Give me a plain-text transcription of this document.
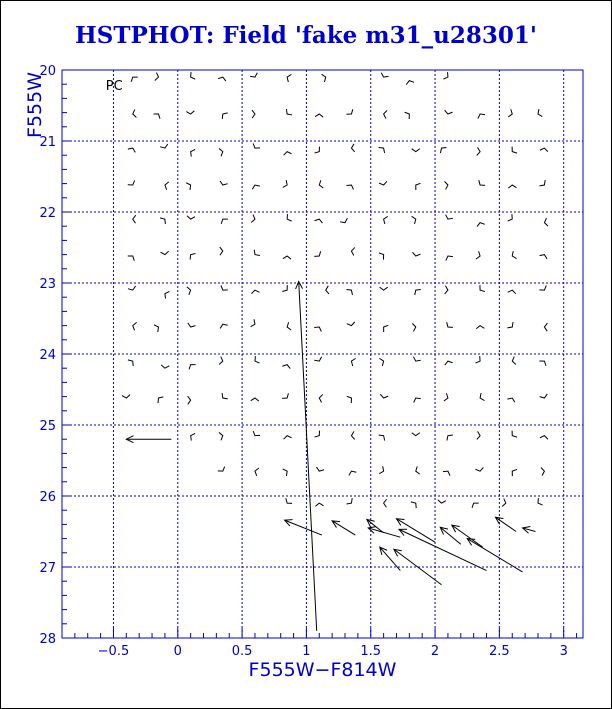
HSTPHOT: Field 'fake m31_u28301'
−0.5	0	0.5	1	1.5	2	2.5	3
20
21
22
23
24
25
26
27
28
F555W−F814W
F555W	PC
